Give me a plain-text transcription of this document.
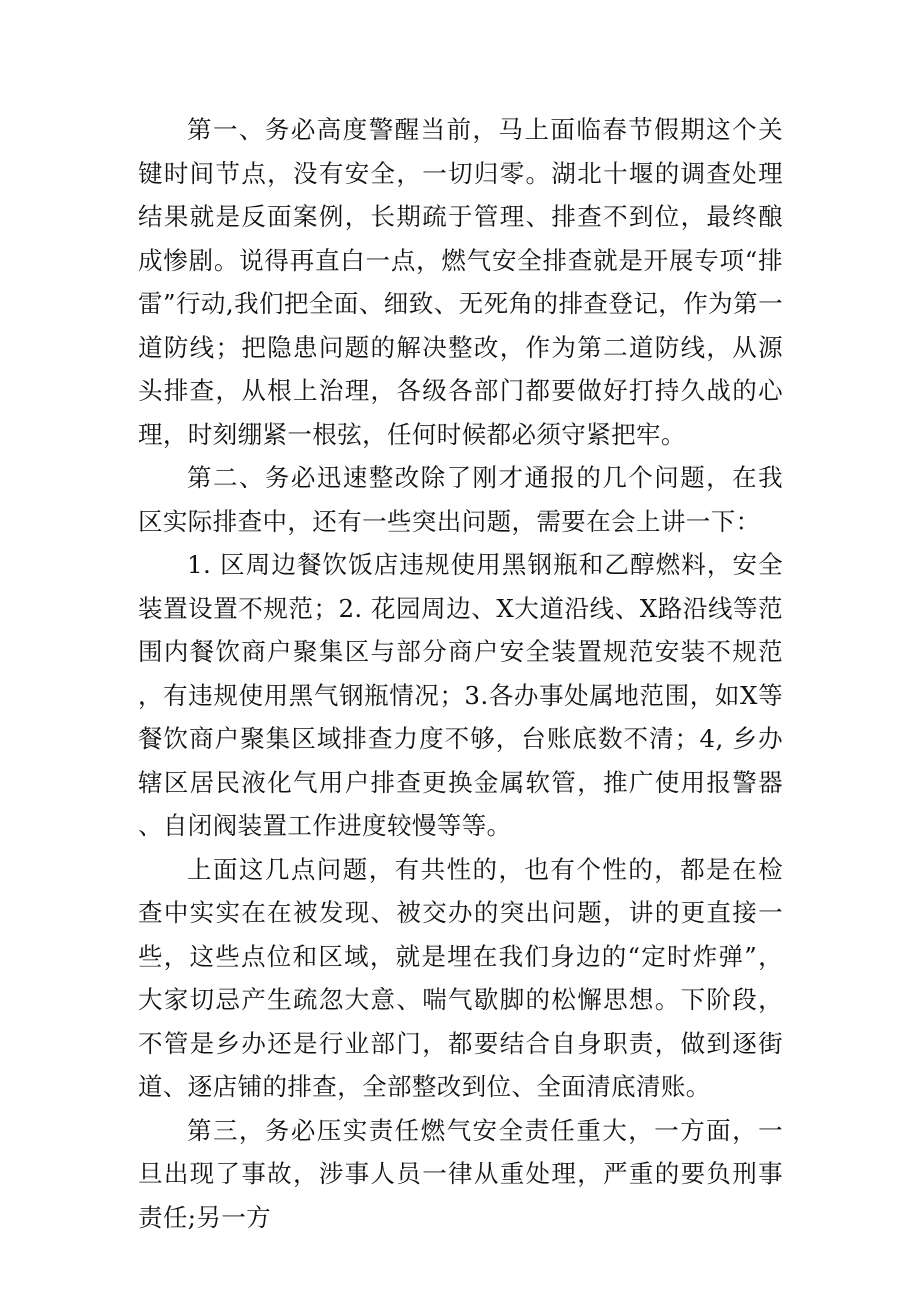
第一、务必高度警醒当前，马上面临春节假期这个关键时间节点，没有安全，一切归零。湖北十堰的调查处理结果就是反面案例，长期疏于管理、排查不到位，最终酿成惨剧。说得再直白一点，燃气安全排查就是开展专项“排雷”行动,我们把全面、细致、无死角的排查登记，作为第一道防线；把隐患问题的解决整改，作为第二道防线，从源头排查，从根上治理，各级各部门都要做好打持久战的心理，时刻绷紧一根弦，任何时候都必须守紧把牢。

第二、务必迅速整改除了刚才通报的几个问题，在我区实际排查中，还有一些突出问题，需要在会上讲一下：

1. 区周边餐饮饭店违规使用黑钢瓶和乙醇燃料，安全装置设置不规范；2. 花园周边、X大道沿线、X路沿线等范围内餐饮商户聚集区与部分商户安全装置规范安装不规范，有违规使用黑气钢瓶情况；3.各办事处属地范围，如X等餐饮商户聚集区域排查力度不够，台账底数不清；4, 乡办辖区居民液化气用户排查更换金属软管，推广使用报警器、自闭阀装置工作进度较慢等等。

上面这几点问题，有共性的，也有个性的，都是在检查中实实在在被发现、被交办的突出问题，讲的更直接一些，这些点位和区域，就是埋在我们身边的“定时炸弹”，大家切忌产生疏忽大意、喘气歇脚的松懈思想。下阶段，不管是乡办还是行业部门，都要结合自身职责，做到逐街道、逐店铺的排查，全部整改到位、全面清底清账。

第三，务必压实责任燃气安全责任重大，一方面，一旦出现了事故，涉事人员一律从重处理，严重的要负刑事责任;另一方
